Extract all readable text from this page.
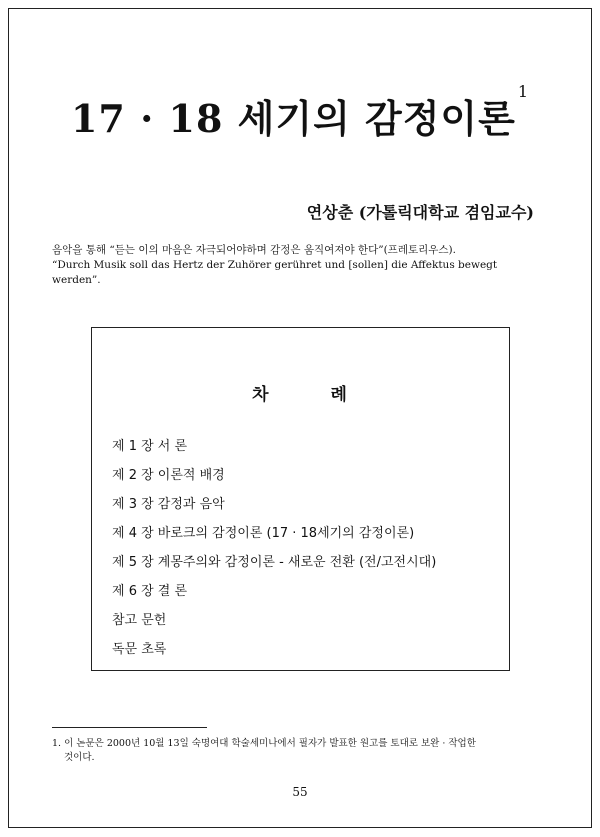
17 · 18 세기의 감정이론$^1$
연상춘 (가톨릭대학교 겸임교수)
음악을 통해 “듣는 이의 마음은 자극되어야하며 감정은 움직여져야 한다”(프레토리우스).
“Durch Musik soll das Hertz der Zuhörer gerühret und [sollen] die Affektus bewegt
werden”.
차	례
제 1 장 서 론
제 2 장 이론적 배경
제 3 장 감정과 음악
제 4 장 바로크의 감정이론 (17 · 18세기의 감정이론)
제 5 장 계몽주의와 감정이론 - 새로운 전환 (전/고전시대)
제 6 장 결 론
참고 문헌
독문 초록
1. 이 논문은 2000년 10월 13일 숙명여대 학술세미나에서 필자가 발표한 원고를 토대로 보완 · 작업한
것이다.
55
